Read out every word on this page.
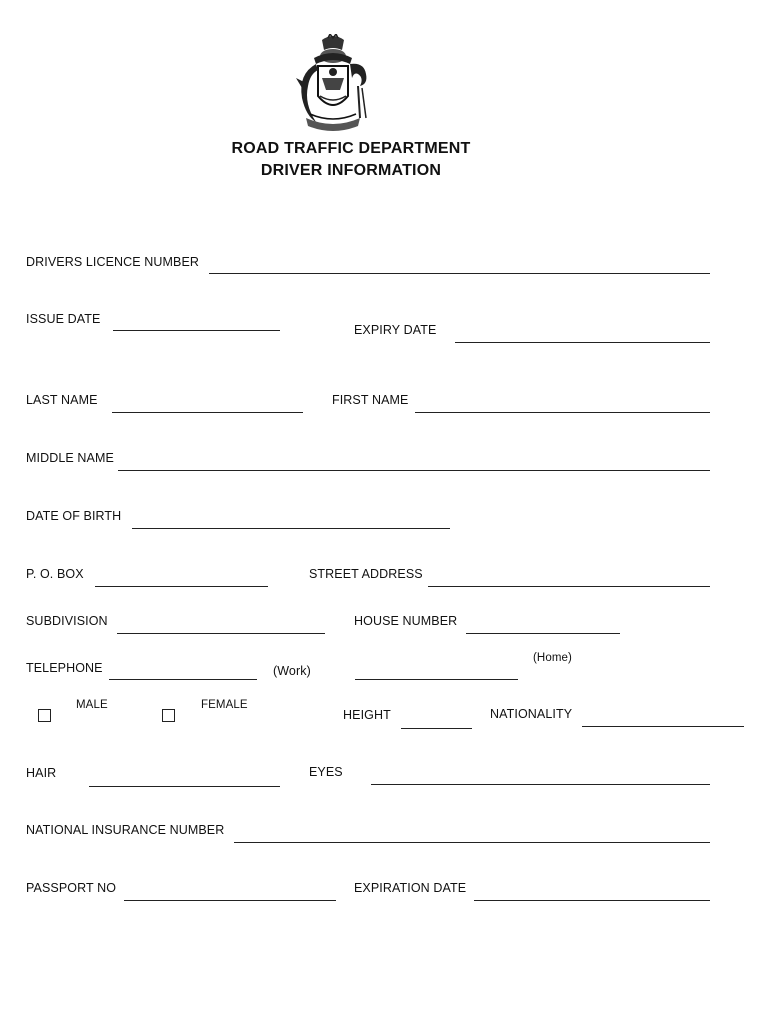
ROAD TRAFFIC DEPARTMENT
DRIVER INFORMATION
DRIVERS LICENCE NUMBER
ISSUE DATE
EXPIRY DATE
LAST NAME	FIRST NAME
MIDDLE NAME
DATE OF BIRTH
P. O. BOX	STREET ADDRESS
SUBDIVISION	HOUSE NUMBER
TELEPHONE	(Work)
(Home)
MALE	FEMALE
HEIGHT	NATIONALITY
HAIR	EYES
NATIONAL INSURANCE NUMBER
PASSPORT NO	EXPIRATION DATE
